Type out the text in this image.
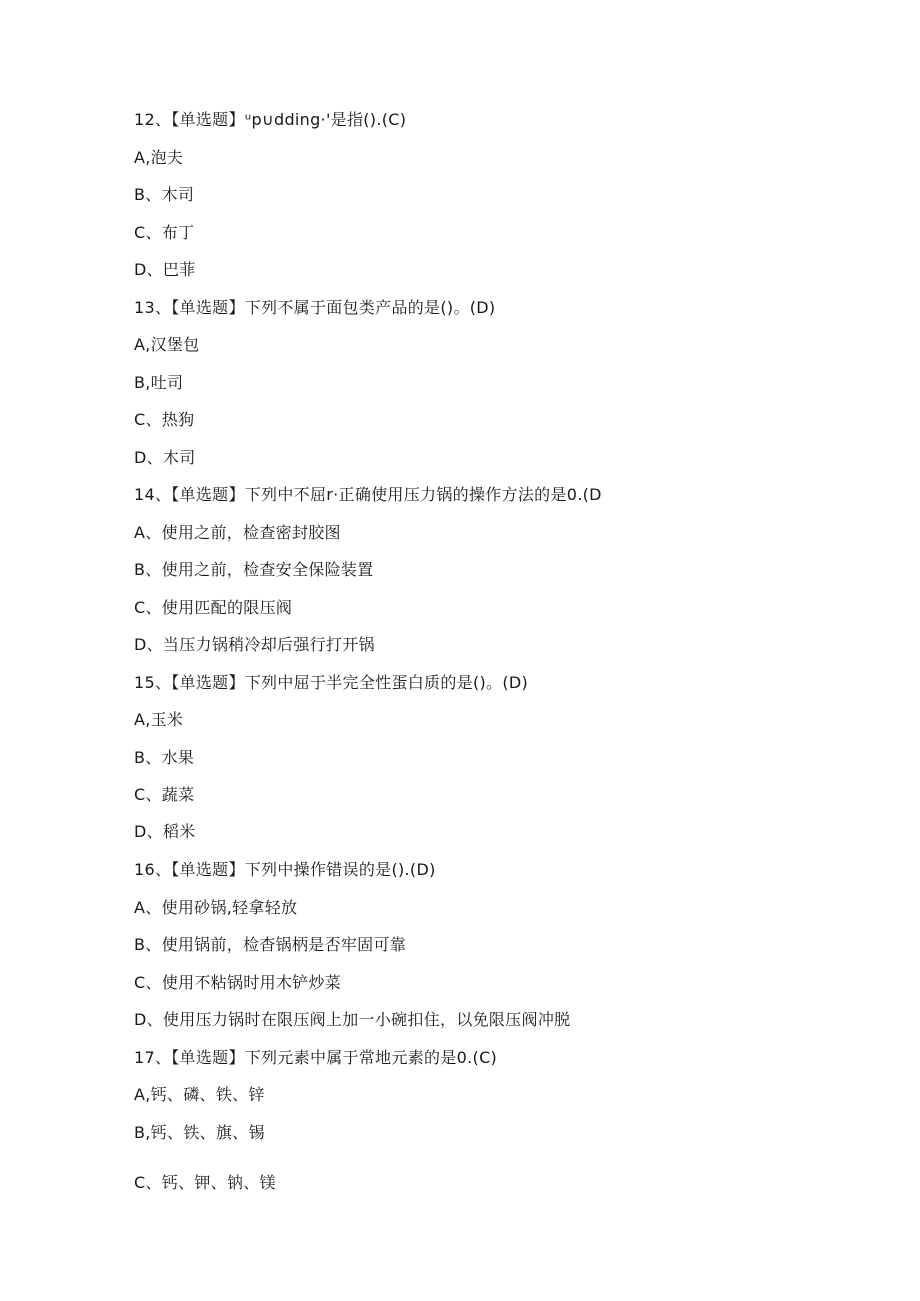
12、【单选题】ᵘp∪dding·'是指().(C)
A,泡夫
B、木司
C、布丁
D、巴菲
13、【单选题】下列不属于面包类产品的是()。(D)
A,汉堡包
B,吐司
C、热狗
D、木司
14、【单选题】下列中不屈r·正确使用压力锅的操作方法的是0.(D
A、使用之前，检查密封胶图
B、使用之前，检查安全保险装置
C、使用匹配的限压阀
D、当压力锅稍冷却后强行打开锅
15、【单选题】下列中屈于半完全性蛋白质的是()。(D)
A,玉米
B、水果
C、蔬菜
D、稻米
16、【单选题】下列中操作错误的是().(D)
A、使用砂锅,轻拿轻放
B、使用锅前，检杳锅柄是否牢固可靠
C、使用不粘锅时用木铲炒菜
D、使用压力锅时在限压阀上加一小碗扣住，以免限压阀冲脱
17、【单选题】下列元素中属于常地元素的是0.(C)
A,钙、磷、铁、锌
B,钙、铁、旗、锡
C、钙、钾、钠、镁
